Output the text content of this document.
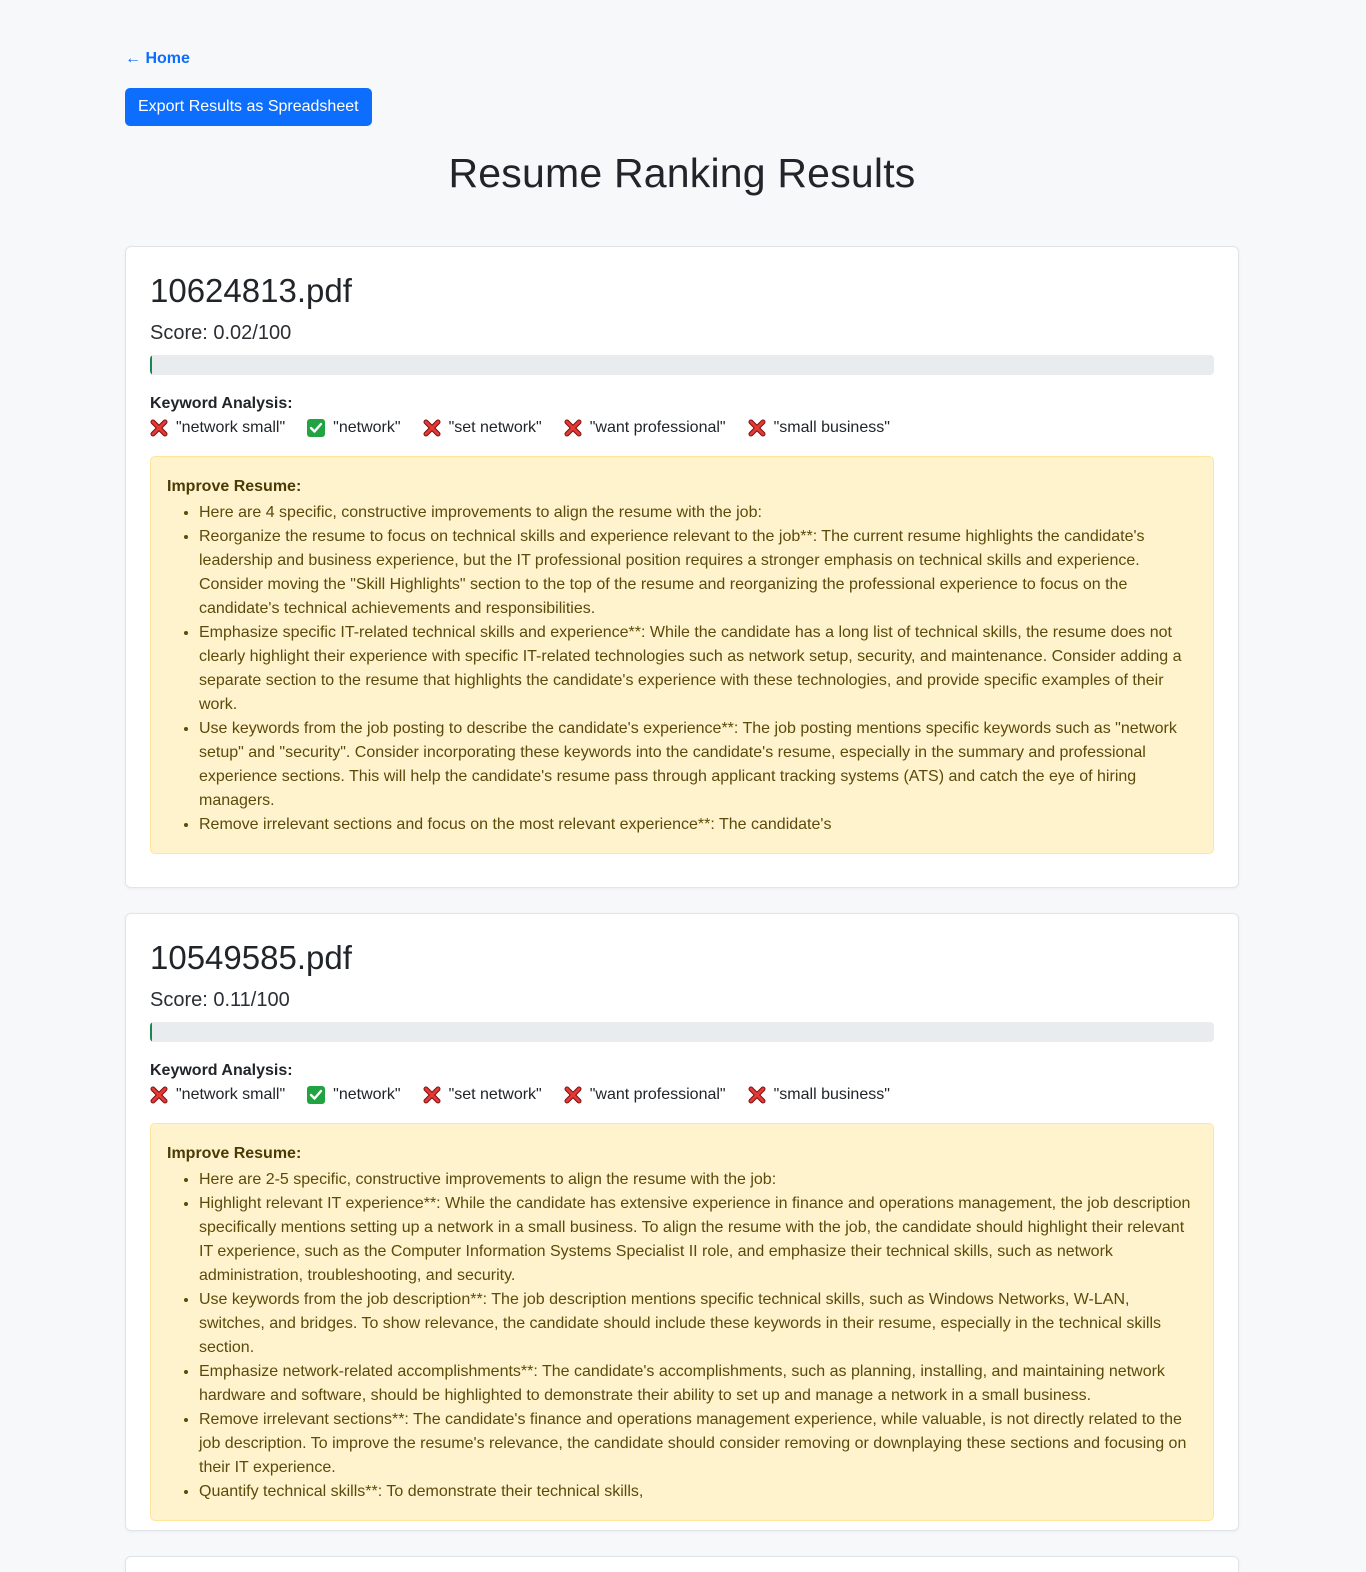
← Home
Export Results as Spreadsheet
Resume Ranking Results
10624813.pdf
Score: 0.02/100
Keyword Analysis:
"network small"	"network"	"set network"	"want professional"	"small business"
Improve Resume:
• Here are 4 specific, constructive improvements to align the resume with the job:
• Reorganize the resume to focus on technical skills and experience relevant to the job**: The current resume highlights the candidate's leadership and business experience, but the IT professional position requires a stronger emphasis on technical skills and experience. Consider moving the "Skill Highlights" section to the top of the resume and reorganizing the professional experience to focus on the candidate's technical achievements and responsibilities.
• Emphasize specific IT-related technical skills and experience**: While the candidate has a long list of technical skills, the resume does not clearly highlight their experience with specific IT-related technologies such as network setup, security, and maintenance. Consider adding a separate section to the resume that highlights the candidate's experience with these technologies, and provide specific examples of their work.
• Use keywords from the job posting to describe the candidate's experience**: The job posting mentions specific keywords such as "network setup" and "security". Consider incorporating these keywords into the candidate's resume, especially in the summary and professional experience sections. This will help the candidate's resume pass through applicant tracking systems (ATS) and catch the eye of hiring managers.
• Remove irrelevant sections and focus on the most relevant experience**: The candidate's
10549585.pdf
Score: 0.11/100
Keyword Analysis:
"network small"	"network"	"set network"	"want professional"	"small business"
Improve Resume:
• Here are 2-5 specific, constructive improvements to align the resume with the job:
• Highlight relevant IT experience**: While the candidate has extensive experience in finance and operations management, the job description specifically mentions setting up a network in a small business. To align the resume with the job, the candidate should highlight their relevant IT experience, such as the Computer Information Systems Specialist II role, and emphasize their technical skills, such as network administration, troubleshooting, and security.
• Use keywords from the job description**: The job description mentions specific technical skills, such as Windows Networks, W-LAN, switches, and bridges. To show relevance, the candidate should include these keywords in their resume, especially in the technical skills section.
• Emphasize network-related accomplishments**: The candidate's accomplishments, such as planning, installing, and maintaining network hardware and software, should be highlighted to demonstrate their ability to set up and manage a network in a small business.
• Remove irrelevant sections**: The candidate's finance and operations management experience, while valuable, is not directly related to the job description. To improve the resume's relevance, the candidate should consider removing or downplaying these sections and focusing on their IT experience.
• Quantify technical skills**: To demonstrate their technical skills,
